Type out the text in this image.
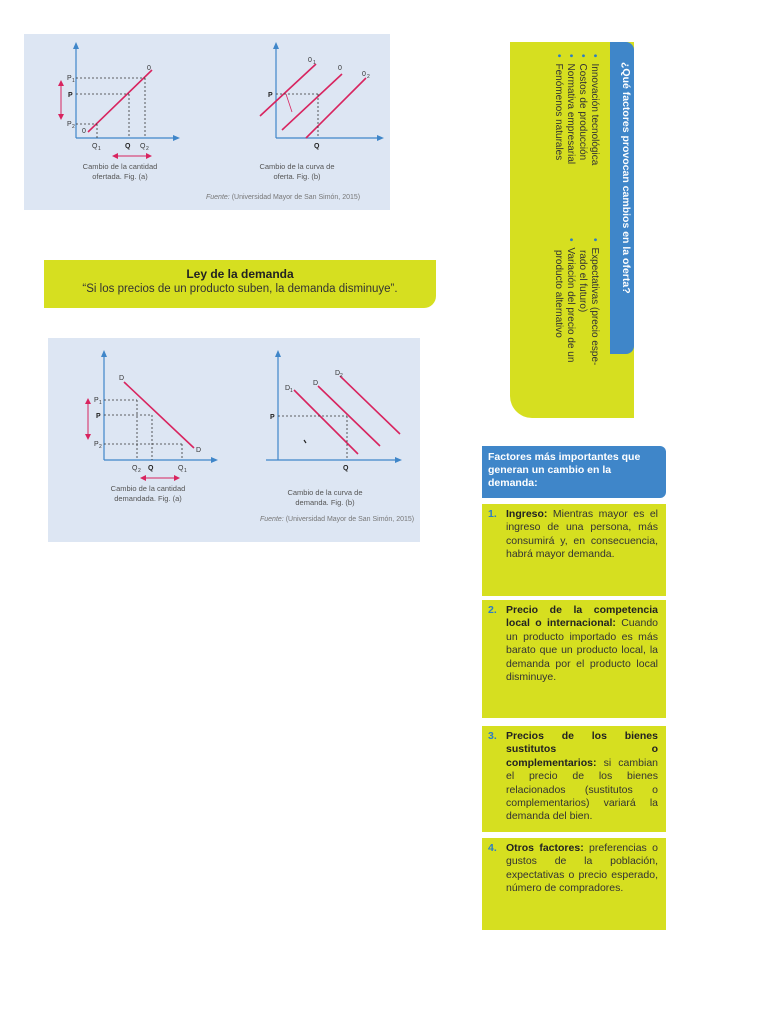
P 1
P
P 2
0
0
Q 1	Q Q 2
P
0 1
0
0 2
Q
Cambio de la cantidad ofertada. Fig. (a)
Cambio de la curva de oferta. Fig. (b)
Fuente: (Universidad Mayor de San Simón, 2015)
Ley de la demanda
“Si los precios de un producto suben, la demanda disminuye”.
D
D
P 1
P
P 2
Q 2 Q	Q 1
P
D 1
D
D 2
Q
Cambio de la cantidad demandada. Fig. (a)
Cambio de la curva de demanda. Fig. (b)
Fuente: (Universidad Mayor de San Simón, 2015)
¿Qué factores provocan cambios en la oferta?
•Innovación tecnológica
•Costos de producción
•Normativa empresarial
•Fenómenos naturales
•Expectativas (precio espe-
rado el futuro)
•Variación del precio de un
producto alternativo
Factores más importantes que generan un cambio en la demanda:
1. Ingreso: Mientras mayor es el ingreso de una persona, más consumirá y, en consecuencia, habrá mayor demanda.
2. Precio de la competencia local o internacional: Cuando un producto importado es más barato que un producto local, la demanda por el producto local disminuye.
3. Precios de los bienes sustitutos o complementarios: si cambian el precio de los bienes relacionados (sustitutos o complementarios) variará la demanda del bien.
4. Otros factores: preferencias o gustos de la población, expectativas o precio esperado, número de compradores.
